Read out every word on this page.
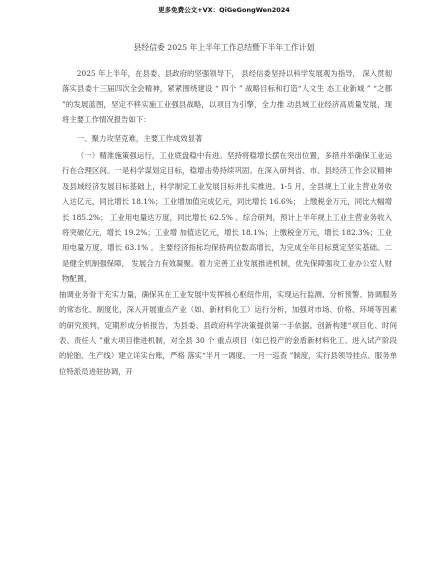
更多免费公文+VX：QiGeGongWen2024
县经信委 2025 年上半年工作总结暨下半年工作计划

2025 年上半年，在县委、县政府的坚强领导下， 县经信委坚持以科学发展观为指导， 深入贯彻落实县委十三届四次全会精神，紧紧围绕建设 “ 四个 ” 战略目标和打造“人文生 态工业新城 ” “之都 ”的发展蓝图，坚定不移实施工业强县战略，以项目为引擎，全力推 动县域工业经济高质量发展，现将主要工作情况报告如下：

一、聚力攻坚克难，主要工作成效显著

（一）精准施策强运行，工业底盘稳中有进。坚持将稳增长摆在突出位置，多措并举确保工业运行在合理区间。一是科学谋划定目标，稳增击势持续巩固。在深入研判省、市、县经济工作会议精神及县域经济发展目标基础上，科学制定工业发展目标并扎实推进。1-5 月，全县规上工业主营业务收入达亿元，同比增长 18.1%；工业增加值完成亿元，同比增长 16.6%； 上缴税金万元，同比大幅增长 185.2%； 工业用电量达万度，同比增长 62.5% 。综合研判，预计上半年规上工业主营业务收入将突破亿元，增长 19.2%；工业增 加值达亿元，增长 18.1%；上缴税金万元，增长 182.3%；工业用电量万度，增长 63.1% 。主要经济指标均保持两位数高增长，为完成全年目标奠定坚实基础。二是健全机制强保障， 发展合力有效凝聚。着力完善工业发展推进机制，优先保障强攻工业办公室人财物配置，

抽调业务骨干充实力量，确保其在工业发展中发挥核心枢纽作用，实现运行监测、分析预警、协调服务的常态化、制度化，深入开展重点产业（如、新材料化工）运行分析，加强对市场、价格、环境等因素的研究预判，定期形成分析报告，为县委、县政府科学决策提供第一手依据。创新构建“项目化、时间表、责任人 ”重大项目推进机制，对全县 30 个 重点项目（如已投产的金盾新材料化工、进入试产阶段的轮胎、生产线）建立详实台账，严格 落实“半月一调度、一月一巡查 ”制度，实行县领导挂点、服务单位特派员进驻协调，开
